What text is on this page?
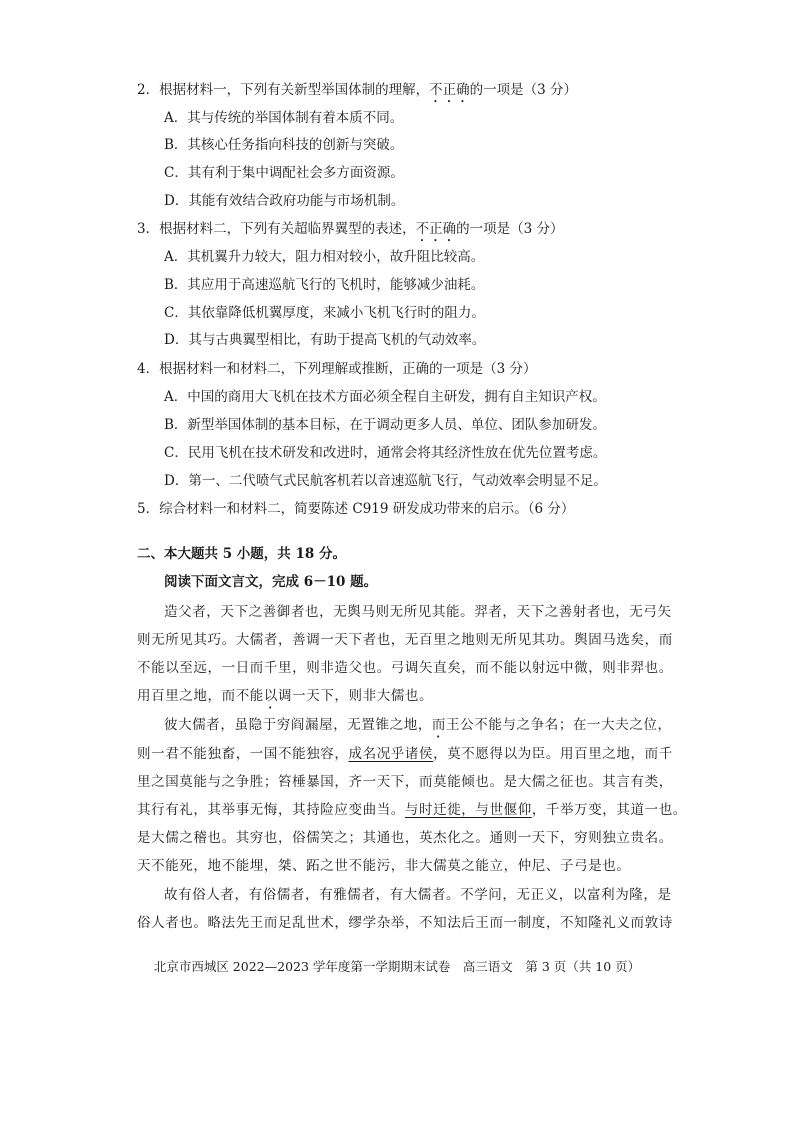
2．根据材料一，下列有关新型举国体制的理解，不正确的一项是（3 分）
A．其与传统的举国体制有着本质不同。
B．其核心任务指向科技的创新与突破。
C．其有利于集中调配社会多方面资源。
D．其能有效结合政府功能与市场机制。
3．根据材料二，下列有关超临界翼型的表述，不正确的一项是（3 分）
A．其机翼升力较大，阻力相对较小，故升阻比较高。
B．其应用于高速巡航飞行的飞机时，能够减少油耗。
C．其依靠降低机翼厚度，来减小飞机飞行时的阻力。
D．其与古典翼型相比，有助于提高飞机的气动效率。
4．根据材料一和材料二，下列理解或推断，正确的一项是（3 分）
A．中国的商用大飞机在技术方面必须全程自主研发，拥有自主知识产权。
B．新型举国体制的基本目标，在于调动更多人员、单位、团队参加研发。
C．民用飞机在技术研发和改进时，通常会将其经济性放在优先位置考虑。
D．第一、二代喷气式民航客机若以音速巡航飞行，气动效率会明显不足。
5．综合材料一和材料二，简要陈述 C919 研发成功带来的启示。（6 分）
二、本大题共 5 小题，共 18 分。
阅读下面文言文，完成 6－10 题。
造父者，天下之善御者也，无舆马则无所见其能。羿者，天下之善射者也，无弓矢
则无所见其巧。大儒者，善调一天下者也，无百里之地则无所见其功。舆固马选矣，而
不能以至远，一日而千里，则非造父也。弓调矢直矣，而不能以射远中微，则非羿也。
用百里之地，而不能以调一天下，则非大儒也。
彼大儒者，虽隐于穷阎漏屋，无置锥之地，而王公不能与之争名；在一大夫之位，
则一君不能独畜，一国不能独容，成名况乎诸侯，莫不愿得以为臣。用百里之地，而千
里之国莫能与之争胜；笞棰暴国，齐一天下，而莫能倾也。是大儒之征也。其言有类，
其行有礼，其举事无悔，其持险应变曲当。与时迁徙，与世偃仰，千举万变，其道一也。
是大儒之稽也。其穷也，俗儒笑之；其通也，英杰化之。通则一天下，穷则独立贵名。
天不能死，地不能埋，桀、跖之世不能污，非大儒莫之能立，仲尼、子弓是也。
故有俗人者，有俗儒者，有雅儒者，有大儒者。不学问，无正义，以富利为隆，是
俗人者也。略法先王而足乱世术，缪学杂举，不知法后王而一制度，不知隆礼义而敦诗
北京市西城区 2022—2023 学年度第一学期期末试卷　高三语文　第 3 页（共 10 页）
